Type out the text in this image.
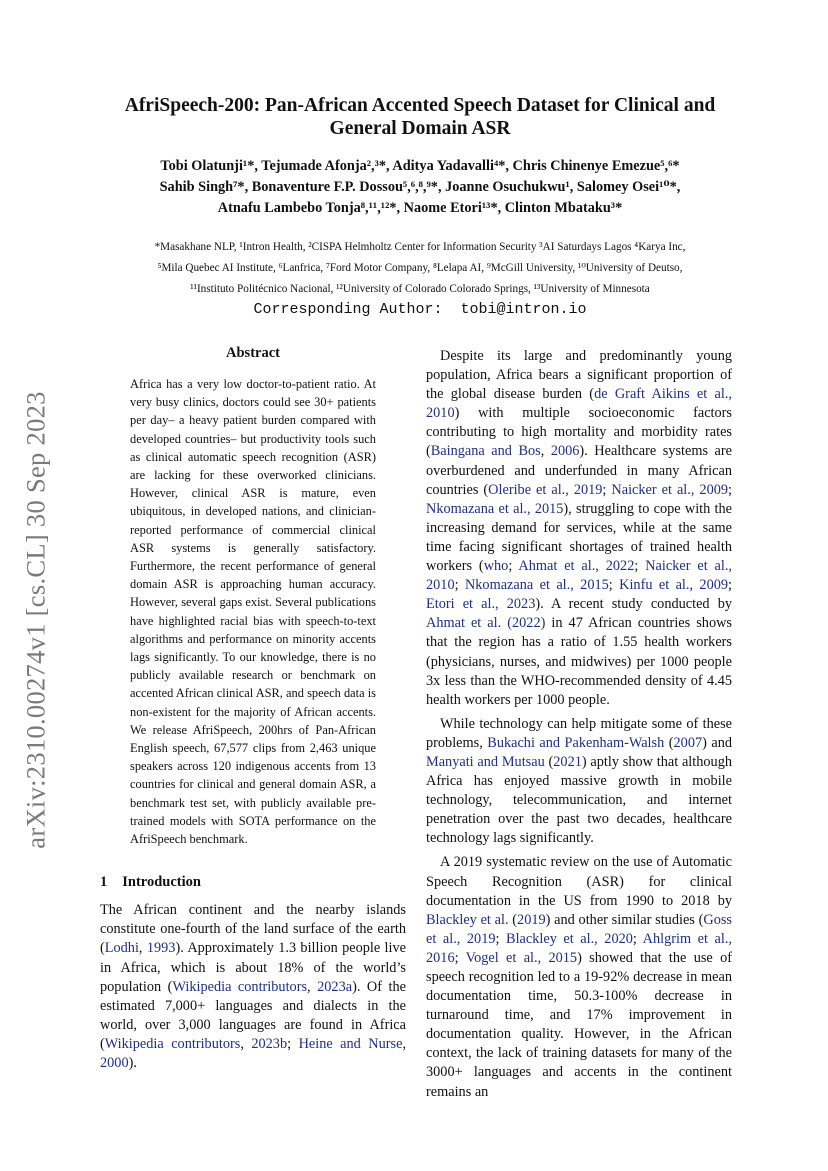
arXiv:2310.00274v1 [cs.CL] 30 Sep 2023
AfriSpeech-200: Pan-African Accented Speech Dataset for Clinical and
General Domain ASR
Tobi Olatunji¹*, Tejumade Afonja²,³*, Aditya Yadavalli⁴*, Chris Chinenye Emezue⁵,⁶*
Sahib Singh⁷*, Bonaventure F.P. Dossou⁵,⁶,⁸,⁹*, Joanne Osuchukwu¹, Salomey Osei¹⁰*,
Atnafu Lambebo Tonja⁸,¹¹,¹²*, Naome Etori¹³*, Clinton Mbataku³*
*Masakhane NLP, ¹Intron Health, ²CISPA Helmholtz Center for Information Security ³AI Saturdays Lagos ⁴Karya Inc,
⁵Mila Quebec AI Institute, ⁶Lanfrica, ⁷Ford Motor Company, ⁸Lelapa AI, ⁹McGill University, ¹⁰University of Deutso,
¹¹Instituto Politécnico Nacional, ¹²University of Colorado Colorado Springs, ¹³University of Minnesota
Corresponding Author:  tobi@intron.io
Abstract
Africa has a very low doctor-to-patient ratio. At very busy clinics, doctors could see 30+ patients per day– a heavy patient burden compared with developed countries– but productivity tools such as clinical automatic speech recognition (ASR) are lacking for these overworked clinicians. However, clinical ASR is mature, even ubiquitous, in developed nations, and clinician-reported performance of commercial clinical ASR systems is generally satisfactory. Furthermore, the recent performance of general domain ASR is approaching human accuracy. However, several gaps exist. Several publications have highlighted racial bias with speech-to-text algorithms and performance on minority accents lags significantly. To our knowledge, there is no publicly available research or benchmark on accented African clinical ASR, and speech data is non-existent for the majority of African accents. We release AfriSpeech, 200hrs of Pan-African English speech, 67,577 clips from 2,463 unique speakers across 120 indigenous accents from 13 countries for clinical and general domain ASR, a benchmark test set, with publicly available pre-trained models with SOTA performance on the AfriSpeech benchmark.
1 Introduction

The African continent and the nearby islands constitute one-fourth of the land surface of the earth (Lodhi, 1993). Approximately 1.3 billion people live in Africa, which is about 18% of the world’s population (Wikipedia contributors, 2023a). Of the estimated 7,000+ languages and dialects in the world, over 3,000 languages are found in Africa (Wikipedia contributors, 2023b; Heine and Nurse, 2000).

Despite its large and predominantly young population, Africa bears a significant proportion of the global disease burden (de Graft Aikins et al., 2010) with multiple socioeconomic factors contributing to high mortality and morbidity rates (Baingana and Bos, 2006). Healthcare systems are overburdened and underfunded in many African countries (Oleribe et al., 2019; Naicker et al., 2009; Nkomazana et al., 2015), struggling to cope with the increasing demand for services, while at the same time facing significant shortages of trained health workers (who; Ahmat et al., 2022; Naicker et al., 2010; Nkomazana et al., 2015; Kinfu et al., 2009; Etori et al., 2023). A recent study conducted by Ahmat et al. (2022) in 47 African countries shows that the region has a ratio of 1.55 health workers (physicians, nurses, and midwives) per 1000 people 3x less than the WHO-recommended density of 4.45 health workers per 1000 people.

While technology can help mitigate some of these problems, Bukachi and Pakenham-Walsh (2007) and Manyati and Mutsau (2021) aptly show that although Africa has enjoyed massive growth in mobile technology, telecommunication, and internet penetration over the past two decades, healthcare technology lags significantly.

A 2019 systematic review on the use of Automatic Speech Recognition (ASR) for clinical documentation in the US from 1990 to 2018 by Blackley et al. (2019) and other similar studies (Goss et al., 2019; Blackley et al., 2020; Ahlgrim et al., 2016; Vogel et al., 2015) showed that the use of speech recognition led to a 19-92% decrease in mean documentation time, 50.3-100% decrease in turnaround time, and 17% improvement in documentation quality. However, in the African context, the lack of training datasets for many of the 3000+ languages and accents in the continent remains an
